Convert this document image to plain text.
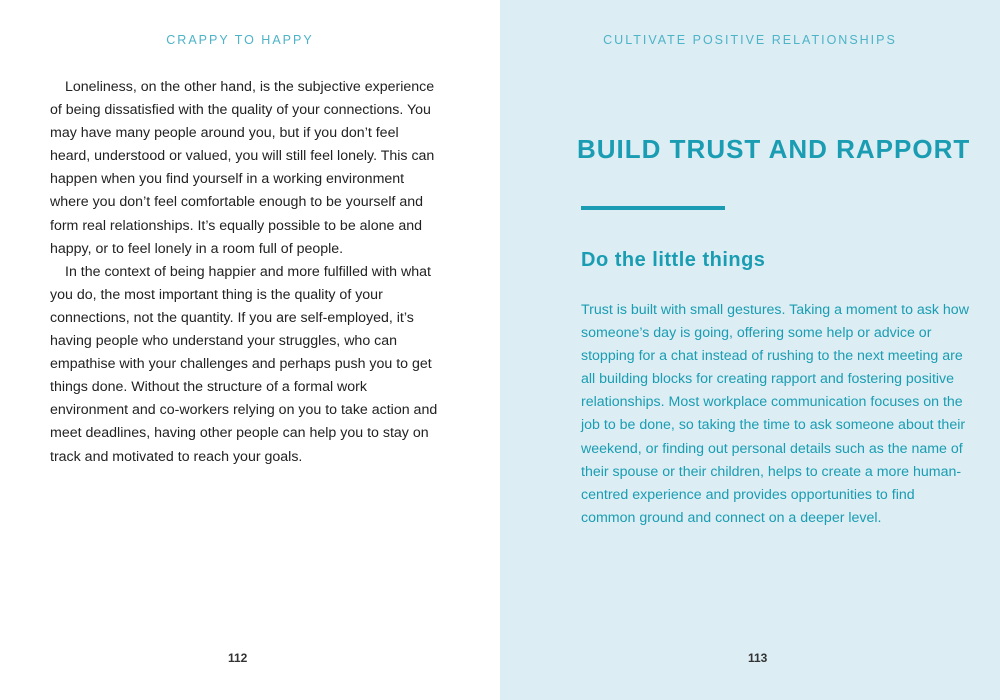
CRAPPY TO HAPPY

Loneliness, on the other hand, is the subjective experience of being dissatisfied with the quality of your connections. You may have many people around you, but if you don’t feel heard, understood or valued, you will still feel lonely. This can happen when you find yourself in a working environment where you don’t feel comfortable enough to be yourself and form real relationships. It’s equally possible to be alone and happy, or to feel lonely in a room full of people.

In the context of being happier and more fulfilled with what you do, the most important thing is the quality of your connections, not the quantity. If you are self-employed, it’s having people who understand your struggles, who can empathise with your challenges and perhaps push you to get things done. Without the structure of a formal work environment and co-workers relying on you to take action and meet deadlines, having other people can help you to stay on track and motivated to reach your goals.

112
CULTIVATE POSITIVE RELATIONSHIPS
BUILD TRUST AND RAPPORT
Do the little things

Trust is built with small gestures. Taking a moment to ask how someone’s day is going, offering some help or advice or stopping for a chat instead of rushing to the next meeting are all building blocks for creating rapport and fostering positive relationships. Most workplace communication focuses on the job to be done, so taking the time to ask someone about their weekend, or finding out personal details such as the name of their spouse or their children, helps to create a more human-centred experience and provides opportunities to find common ground and connect on a deeper level.

113
